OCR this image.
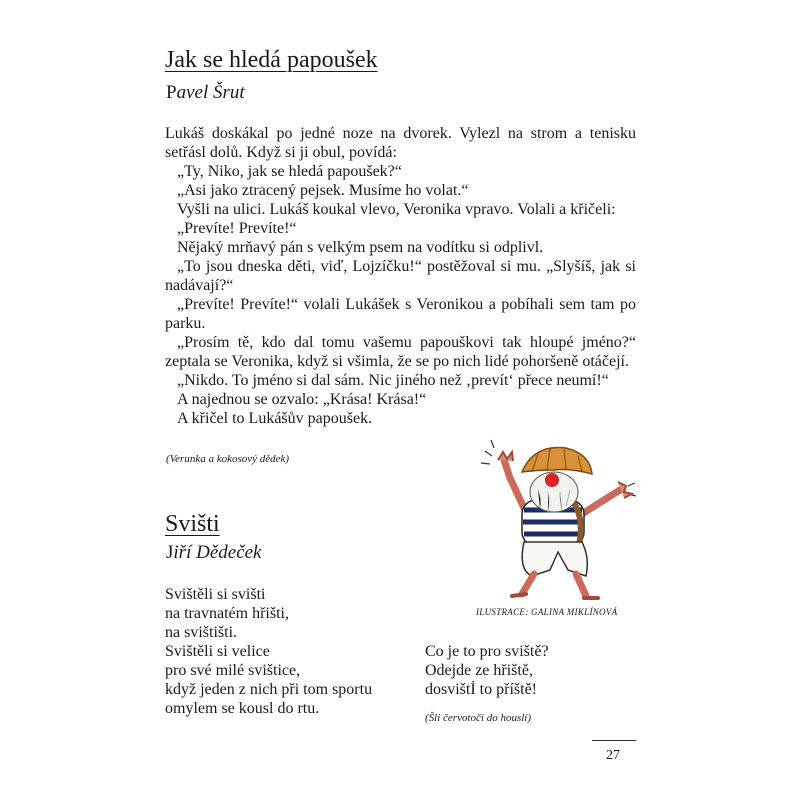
Jak se hledá papoušek
Pavel Šrut

Lukáš doskákal po jedné noze na dvorek. Vylezl na strom a tenisku setřásl dolů. Když si ji obul, povídá:

„Ty, Niko, jak se hledá papoušek?“

„Asi jako ztracený pejsek. Musíme ho volat.“

Vyšli na ulici. Lukáš koukal vlevo, Veronika vpravo. Volali a křičeli:

„Prevíte! Prevíte!“

Nějaký mrňavý pán s velkým psem na vodítku si odplivl.

„To jsou dneska děti, viď, Lojzíčku!“ postěžoval si mu. „Slyšíš, jak si nadávají?“

„Prevíte! Prevíte!“ volali Lukášek s Veronikou a pobíhali sem tam po parku.

„Prosím tě, kdo dal tomu vašemu papouškovi tak hloupé jméno?“ zeptala se Veronika, když si všimla, že se po nich lidé pohoršeně otáčejí.

„Nikdo. To jméno si dal sám. Nic jiného než ‚prevít‘ přece neumí!“

A najednou se ozvalo: „Krása! Krása!“

A křičel to Lukášův papoušek.

(Verunka a kokosový dědek)
ILUSTRACE: GALINA MIKLÍNOVÁ
Svišti
Jiří Dědeček
Svištěli si svišti
na travnatém hřišti,
na svištišti.
Svištěli si velice
pro své milé svištice,
když jeden z nich při tom sportu
omylem se kousl do rtu.
Co je to pro sviště?
Odejde ze hřiště,
dosvištİ to příště!
(Šli červotoči do houslí)
27
